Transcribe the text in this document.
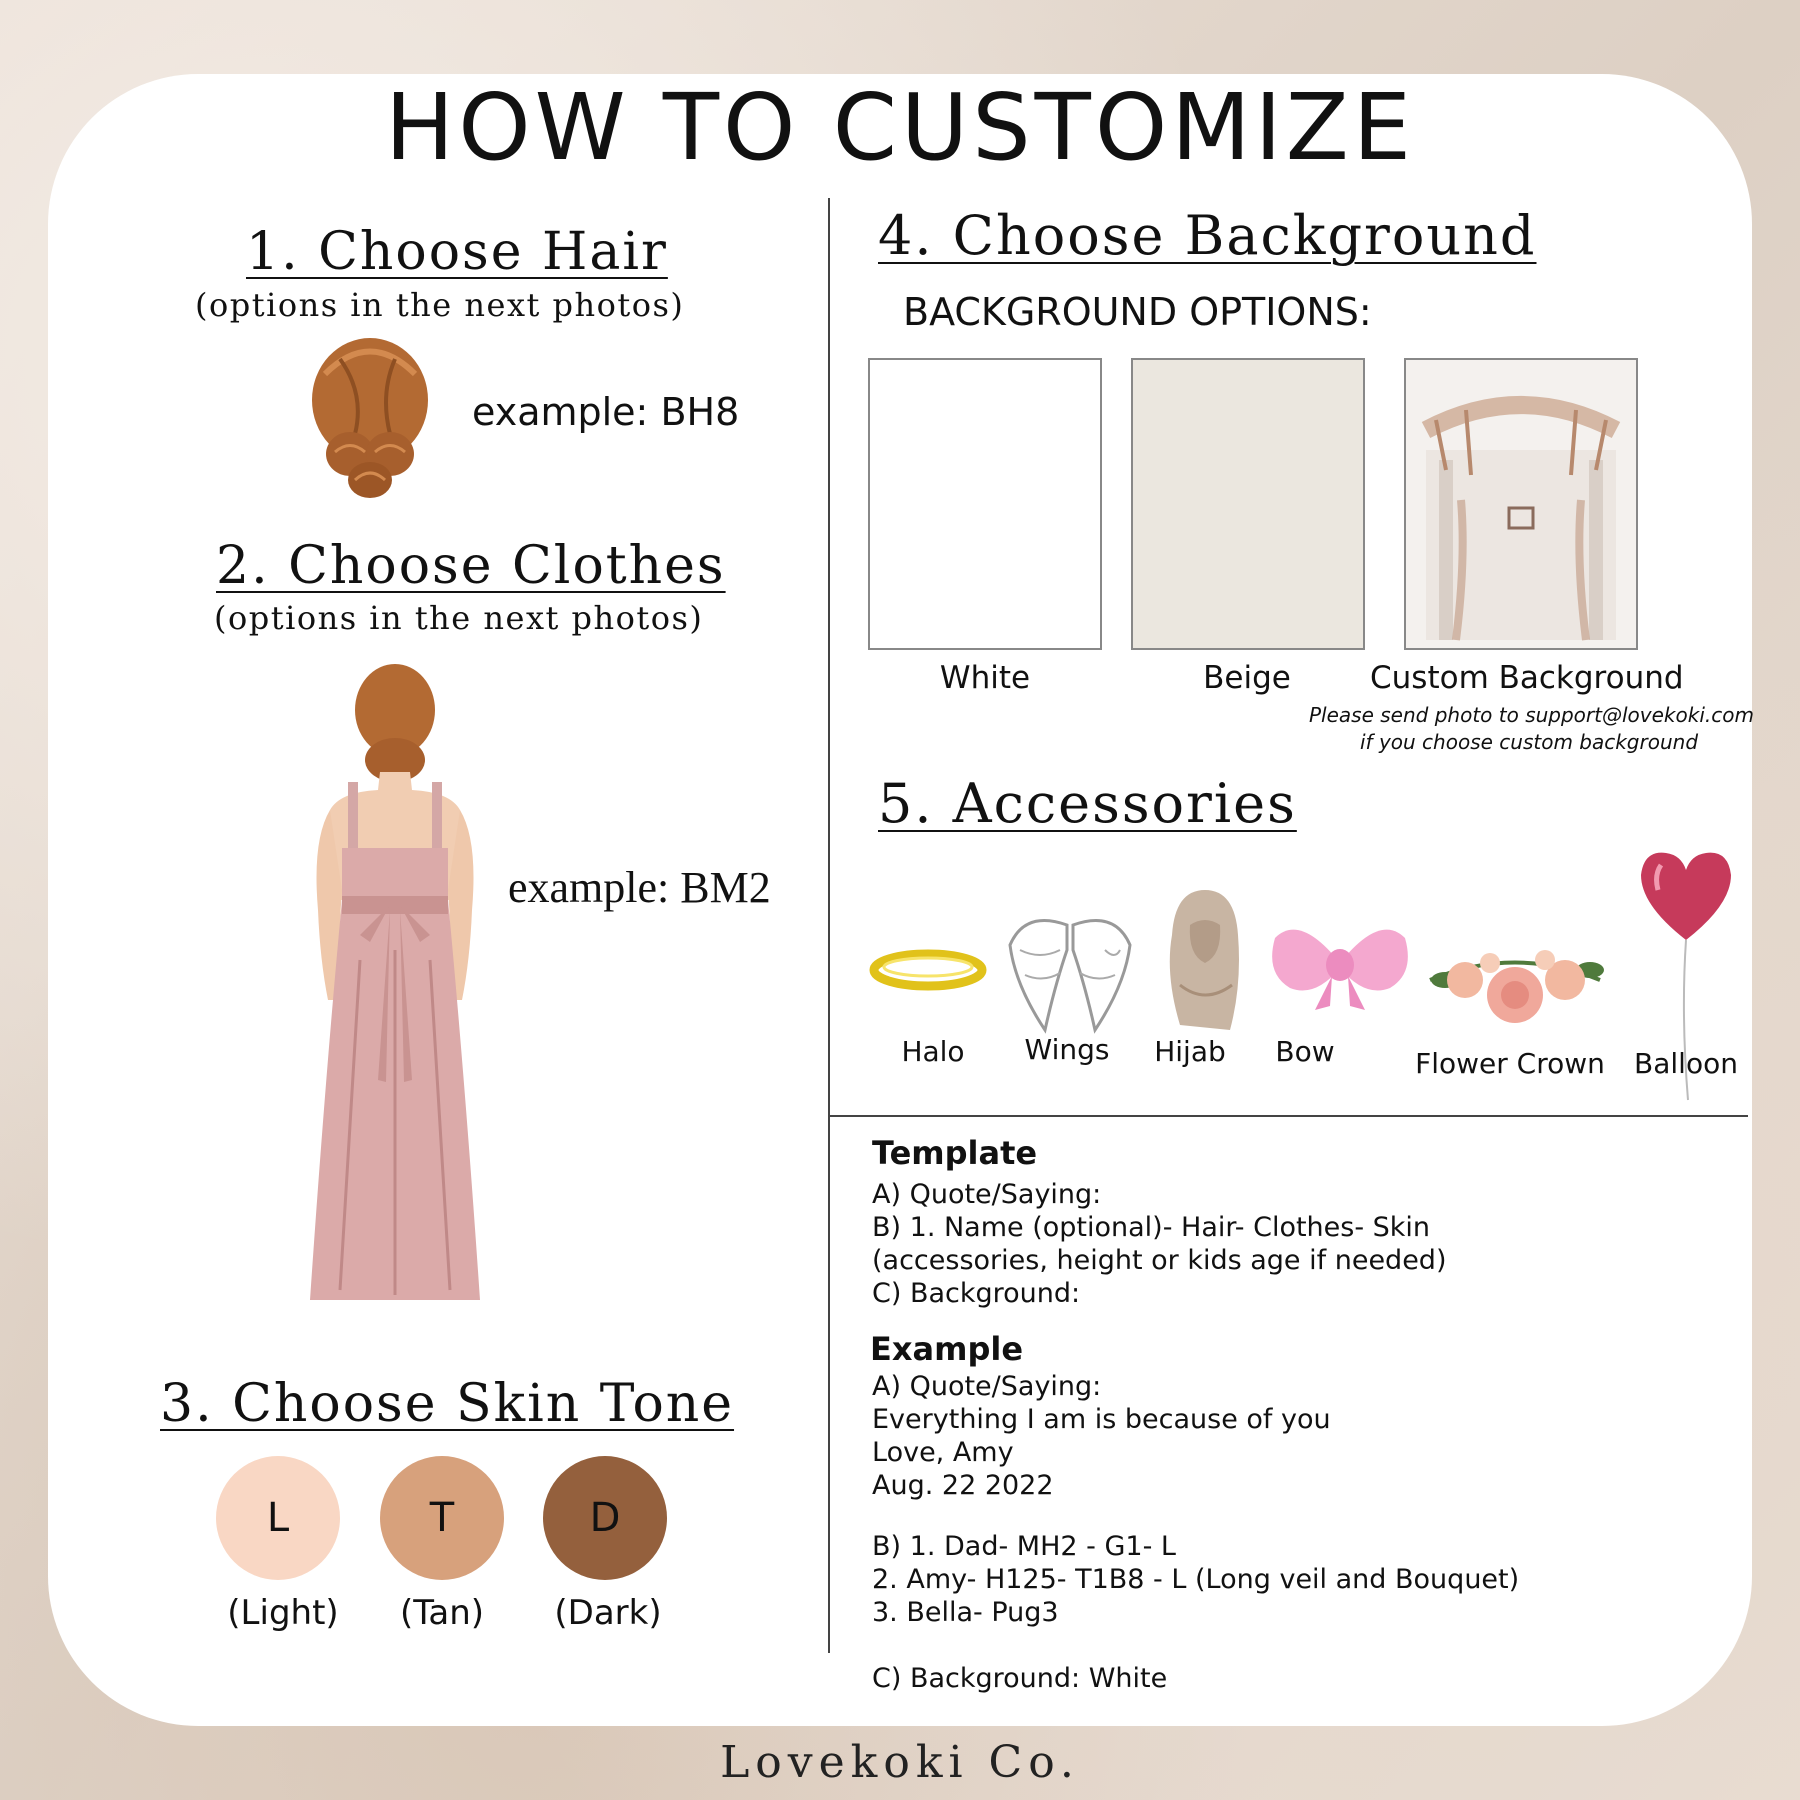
HOW TO CUSTOMIZE
1. Choose Hair
(options in the next photos)
example: BH8
2. Choose Clothes
(options in the next photos)
example: BM2
3. Choose Skin Tone
L	T	D
(Light)	(Tan)	(Dark)
4. Choose Background
BACKGROUND OPTIONS:
White	Beige	Custom Background
Please send photo to support@lovekoki.com
if you choose custom background
5. Accessories
Halo	Wings	Hijab	Bow	Flower Crown Balloon
Template
A) Quote/Saying:
B) 1. Name (optional)- Hair- Clothes- Skin
(accessories, height or kids age if needed)
C) Background:
Example
A) Quote/Saying:
Everything I am is because of you
Love, Amy
Aug. 22 2022
B) 1. Dad- MH2 - G1- L
2. Amy- H125- T1B8 - L (Long veil and Bouquet)
3. Bella- Pug3
C) Background: White
Lovekoki Co.
